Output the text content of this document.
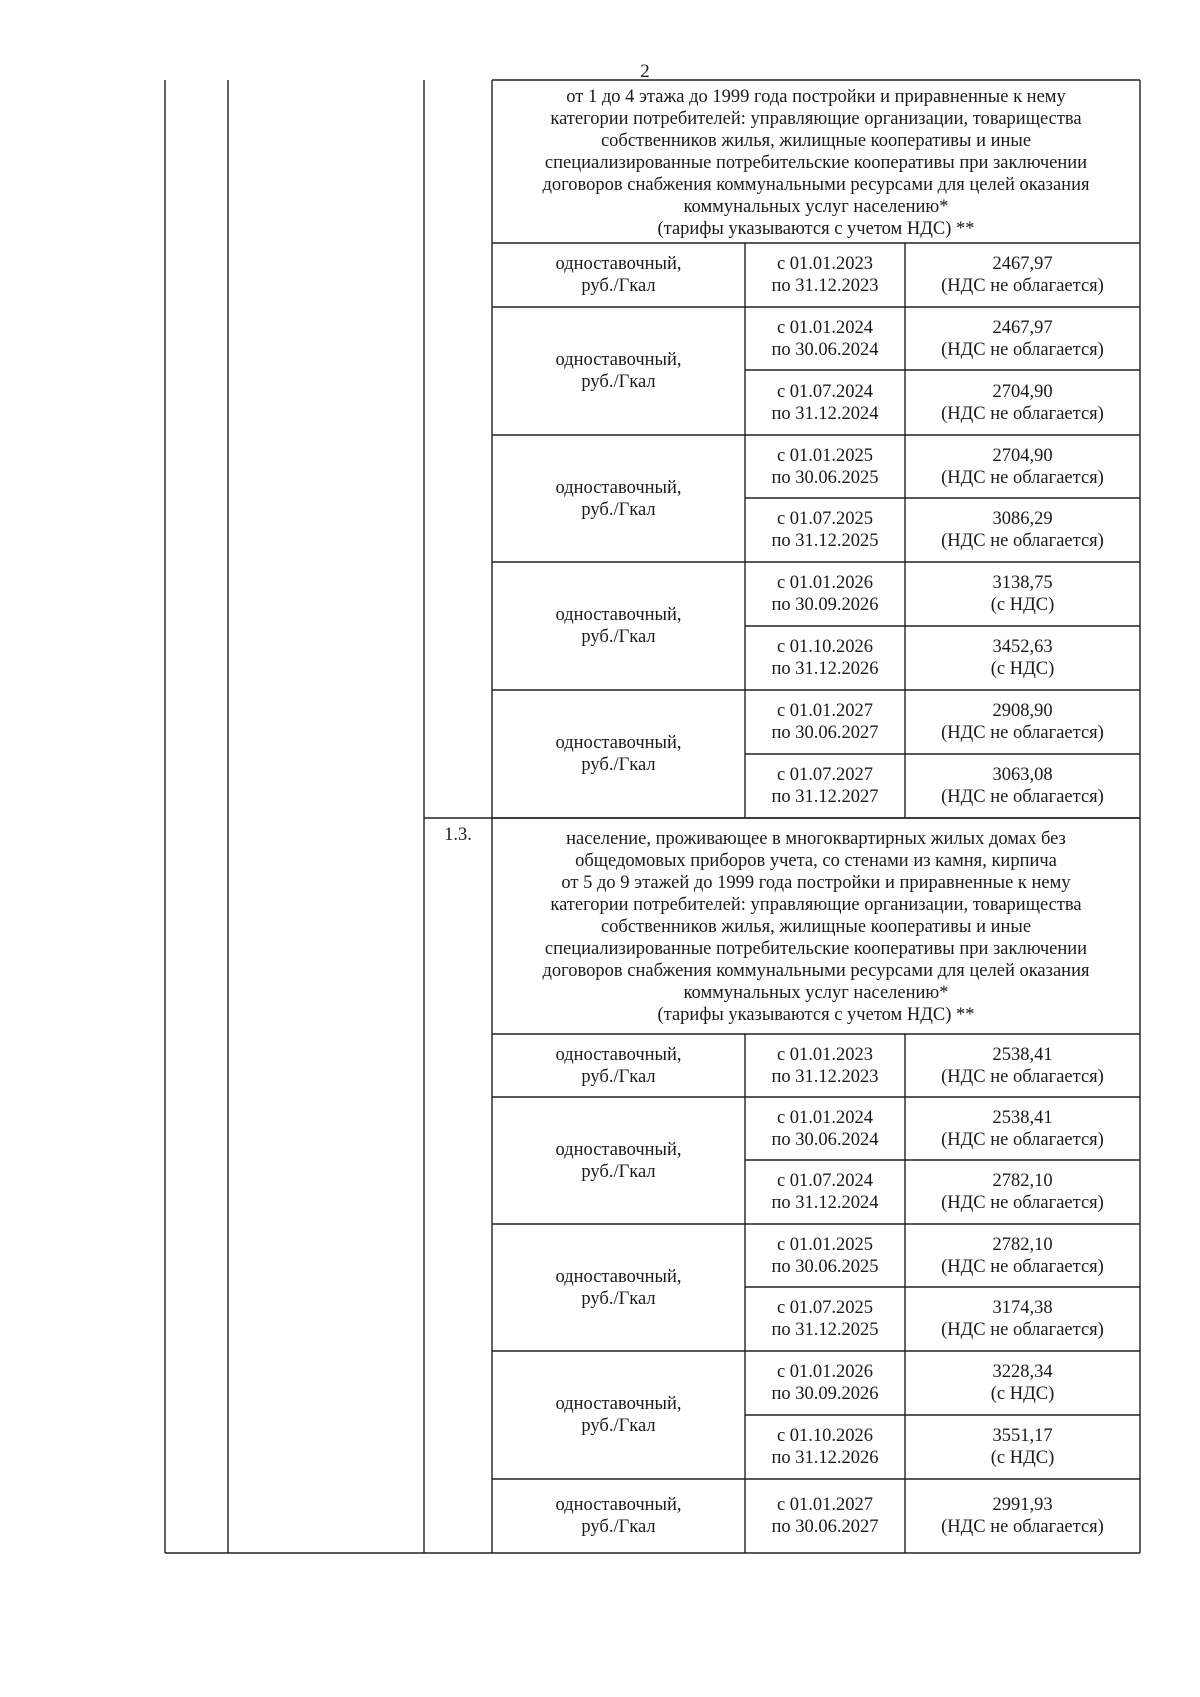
2
от 1 до 4 этажа до 1999 года постройки и приравненные к нему
категории потребителей: управляющие организации, товарищества
собственников жилья, жилищные кооперативы и иные
специализированные потребительские кооперативы при заключении
договоров снабжения коммунальными ресурсами для целей оказания
коммунальных услуг населению*
(тарифы указываются с учетом НДС) **
одноставочный,
руб./Гкал
с 01.01.2023
по 31.12.2023
2467,97
(НДС не облагается)
одноставочный,
руб./Гкал
с 01.01.2024
по 30.06.2024
2467,97
(НДС не облагается)
с 01.07.2024
по 31.12.2024
2704,90
(НДС не облагается)
одноставочный,
руб./Гкал
с 01.01.2025
по 30.06.2025
2704,90
(НДС не облагается)
с 01.07.2025
по 31.12.2025
3086,29
(НДС не облагается)
одноставочный,
руб./Гкал
с 01.01.2026
по 30.09.2026
3138,75
(с НДС)
с 01.10.2026
по 31.12.2026
3452,63
(с НДС)
одноставочный,
руб./Гкал
с 01.01.2027
по 30.06.2027
2908,90
(НДС не облагается)
с 01.07.2027
по 31.12.2027
3063,08
(НДС не облагается)
1.3.	население, проживающее в многоквартирных жилых домах без
общедомовых приборов учета, со стенами из камня, кирпича
от 5 до 9 этажей до 1999 года постройки и приравненные к нему
категории потребителей: управляющие организации, товарищества
собственников жилья, жилищные кооперативы и иные
специализированные потребительские кооперативы при заключении
договоров снабжения коммунальными ресурсами для целей оказания
коммунальных услуг населению*
(тарифы указываются с учетом НДС) **
одноставочный,
руб./Гкал
с 01.01.2023
по 31.12.2023
2538,41
(НДС не облагается)
одноставочный,
руб./Гкал
с 01.01.2024
по 30.06.2024
2538,41
(НДС не облагается)
с 01.07.2024
по 31.12.2024
2782,10
(НДС не облагается)
одноставочный,
руб./Гкал
с 01.01.2025
по 30.06.2025
2782,10
(НДС не облагается)
с 01.07.2025
по 31.12.2025
3174,38
(НДС не облагается)
одноставочный,
руб./Гкал
с 01.01.2026
по 30.09.2026
3228,34
(с НДС)
с 01.10.2026
по 31.12.2026
3551,17
(с НДС)
одноставочный,
руб./Гкал
с 01.01.2027
по 30.06.2027
2991,93
(НДС не облагается)
